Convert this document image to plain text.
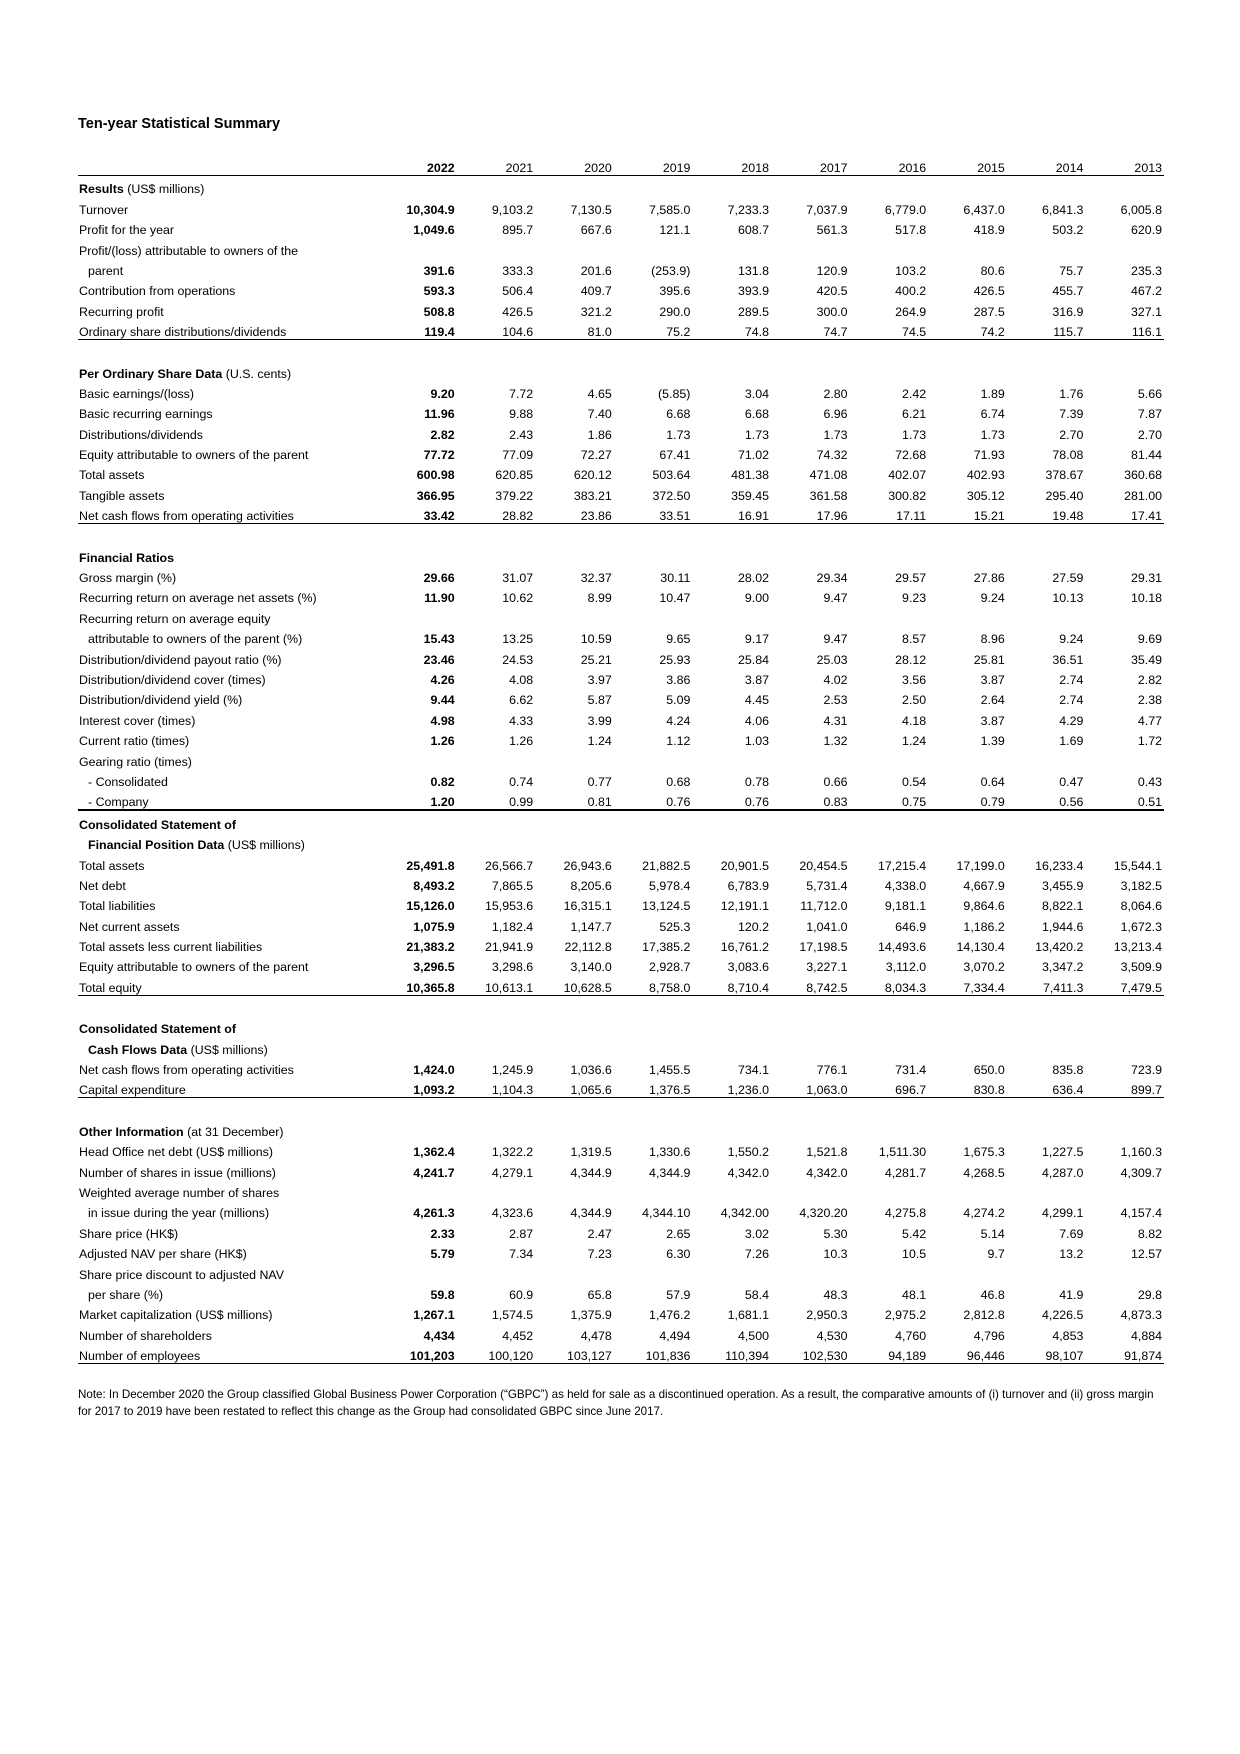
Ten-year Statistical Summary
	2022	2021	2020	2019	2018	2017	2016	2015	2014	2013
Results (US$ millions)										
Turnover	10,304.9	9,103.2	7,130.5	7,585.0	7,233.3	7,037.9	6,779.0	6,437.0	6,841.3	6,005.8
Profit for the year	1,049.6	895.7	667.6	121.1	608.7	561.3	517.8	418.9	503.2	620.9
Profit/(loss) attributable to owners of the										
parent	391.6	333.3	201.6	(253.9)	131.8	120.9	103.2	80.6	75.7	235.3
Contribution from operations	593.3	506.4	409.7	395.6	393.9	420.5	400.2	426.5	455.7	467.2
Recurring profit	508.8	426.5	321.2	290.0	289.5	300.0	264.9	287.5	316.9	327.1
Ordinary share distributions/dividends	119.4	104.6	81.0	75.2	74.8	74.7	74.5	74.2	115.7	116.1

Per Ordinary Share Data (U.S. cents)										
Basic earnings/(loss)	9.20	7.72	4.65	(5.85)	3.04	2.80	2.42	1.89	1.76	5.66
Basic recurring earnings	11.96	9.88	7.40	6.68	6.68	6.96	6.21	6.74	7.39	7.87
Distributions/dividends	2.82	2.43	1.86	1.73	1.73	1.73	1.73	1.73	2.70	2.70
Equity attributable to owners of the parent	77.72	77.09	72.27	67.41	71.02	74.32	72.68	71.93	78.08	81.44
Total assets	600.98	620.85	620.12	503.64	481.38	471.08	402.07	402.93	378.67	360.68
Tangible assets	366.95	379.22	383.21	372.50	359.45	361.58	300.82	305.12	295.40	281.00
Net cash flows from operating activities	33.42	28.82	23.86	33.51	16.91	17.96	17.11	15.21	19.48	17.41

Financial Ratios										
Gross margin (%)	29.66	31.07	32.37	30.11	28.02	29.34	29.57	27.86	27.59	29.31
Recurring return on average net assets (%)	11.90	10.62	8.99	10.47	9.00	9.47	9.23	9.24	10.13	10.18
Recurring return on average equity										
attributable to owners of the parent (%)	15.43	13.25	10.59	9.65	9.17	9.47	8.57	8.96	9.24	9.69
Distribution/dividend payout ratio (%)	23.46	24.53	25.21	25.93	25.84	25.03	28.12	25.81	36.51	35.49
Distribution/dividend cover (times)	4.26	4.08	3.97	3.86	3.87	4.02	3.56	3.87	2.74	2.82
Distribution/dividend yield (%)	9.44	6.62	5.87	5.09	4.45	2.53	2.50	2.64	2.74	2.38
Interest cover (times)	4.98	4.33	3.99	4.24	4.06	4.31	4.18	3.87	4.29	4.77
Current ratio (times)	1.26	1.26	1.24	1.12	1.03	1.32	1.24	1.39	1.69	1.72
Gearing ratio (times)										
- Consolidated	0.82	0.74	0.77	0.68	0.78	0.66	0.54	0.64	0.47	0.43
- Company	1.20	0.99	0.81	0.76	0.76	0.83	0.75	0.79	0.56	0.51
Consolidated Statement of										
Financial Position Data (US$ millions)										
Total assets	25,491.8	26,566.7	26,943.6	21,882.5	20,901.5	20,454.5	17,215.4	17,199.0	16,233.4	15,544.1
Net debt	8,493.2	7,865.5	8,205.6	5,978.4	6,783.9	5,731.4	4,338.0	4,667.9	3,455.9	3,182.5
Total liabilities	15,126.0	15,953.6	16,315.1	13,124.5	12,191.1	11,712.0	9,181.1	9,864.6	8,822.1	8,064.6
Net current assets	1,075.9	1,182.4	1,147.7	525.3	120.2	1,041.0	646.9	1,186.2	1,944.6	1,672.3
Total assets less current liabilities	21,383.2	21,941.9	22,112.8	17,385.2	16,761.2	17,198.5	14,493.6	14,130.4	13,420.2	13,213.4
Equity attributable to owners of the parent	3,296.5	3,298.6	3,140.0	2,928.7	3,083.6	3,227.1	3,112.0	3,070.2	3,347.2	3,509.9
Total equity	10,365.8	10,613.1	10,628.5	8,758.0	8,710.4	8,742.5	8,034.3	7,334.4	7,411.3	7,479.5

Consolidated Statement of										
Cash Flows Data (US$ millions)										
Net cash flows from operating activities	1,424.0	1,245.9	1,036.6	1,455.5	734.1	776.1	731.4	650.0	835.8	723.9
Capital expenditure	1,093.2	1,104.3	1,065.6	1,376.5	1,236.0	1,063.0	696.7	830.8	636.4	899.7

Other Information (at 31 December)										
Head Office net debt (US$ millions)	1,362.4	1,322.2	1,319.5	1,330.6	1,550.2	1,521.8	1,511.30	1,675.3	1,227.5	1,160.3
Number of shares in issue (millions)	4,241.7	4,279.1	4,344.9	4,344.9	4,342.0	4,342.0	4,281.7	4,268.5	4,287.0	4,309.7
Weighted average number of shares										
in issue during the year (millions)	4,261.3	4,323.6	4,344.9	4,344.10	4,342.00	4,320.20	4,275.8	4,274.2	4,299.1	4,157.4
Share price (HK$)	2.33	2.87	2.47	2.65	3.02	5.30	5.42	5.14	7.69	8.82
Adjusted NAV per share (HK$)	5.79	7.34	7.23	6.30	7.26	10.3	10.5	9.7	13.2	12.57
Share price discount to adjusted NAV										
per share (%)	59.8	60.9	65.8	57.9	58.4	48.3	48.1	46.8	41.9	29.8
Market capitalization (US$ millions)	1,267.1	1,574.5	1,375.9	1,476.2	1,681.1	2,950.3	2,975.2	2,812.8	4,226.5	4,873.3
Number of shareholders	4,434	4,452	4,478	4,494	4,500	4,530	4,760	4,796	4,853	4,884
Number of employees	101,203	100,120	103,127	101,836	110,394	102,530	94,189	96,446	98,107	91,874

Note: In December 2020 the Group classified Global Business Power Corporation (“GBPC”) as held for sale as a discontinued operation. As a result, the comparative amounts of (i) turnover and (ii) gross margin for 2017 to 2019 have been restated to reflect this change as the Group had consolidated GBPC since June 2017.
